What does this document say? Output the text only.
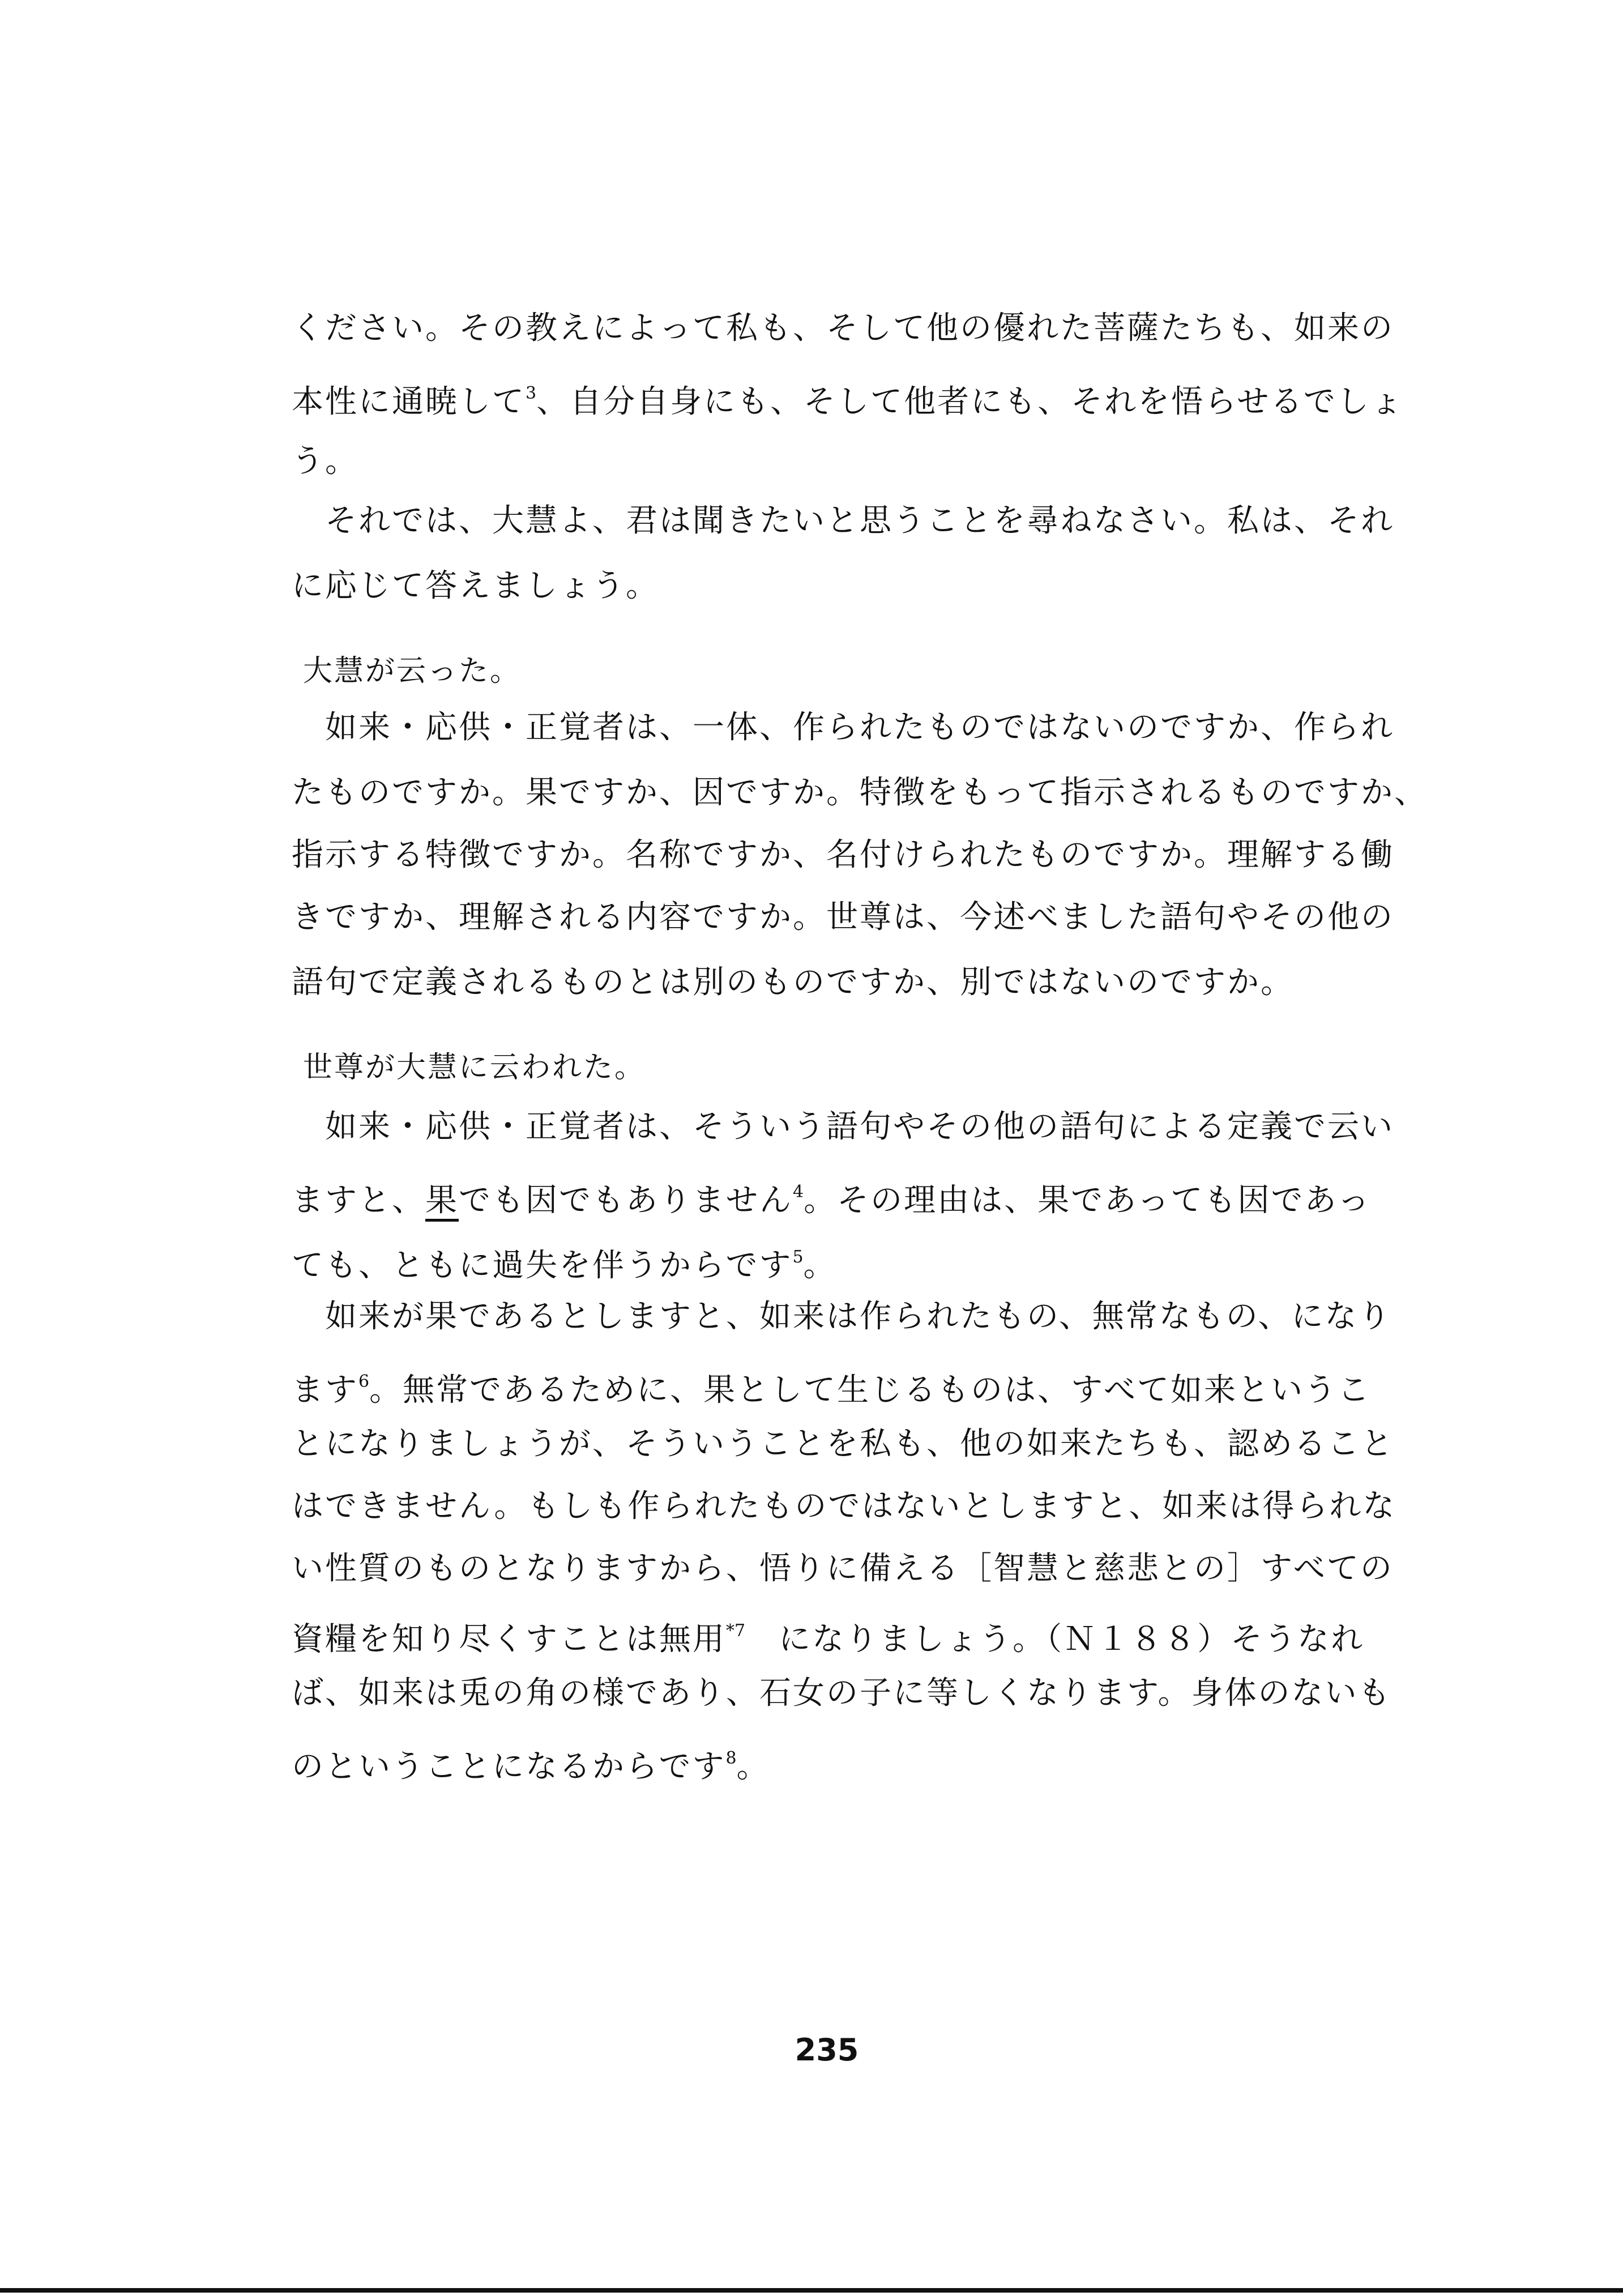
ください。その教えによって私も、そして他の優れた菩薩たちも、如来の
本性に通暁して$^3$、自分自身にも、そして他者にも、それを悟らせるでしょ
う。
　それでは、大慧よ、君は聞きたいと思うことを尋ねなさい。私は、それ
に応じて答えましょう。
大慧が云った。
　如来・応供・正覚者は、一体、作られたものではないのですか、作られ
たものですか。果ですか、因ですか。特徴をもって指示されるものですか、
指示する特徴ですか。名称ですか、名付けられたものですか。理解する働
きですか、理解される内容ですか。世尊は、今述べました語句やその他の
語句で定義されるものとは別のものですか、別ではないのですか。
世尊が大慧に云われた。
　如来・応供・正覚者は、そういう語句やその他の語句による定義で云い
ますと、果でも因でもありません$^4$。その理由は、果であっても因であっ
ても、ともに過失を伴うからです$^5$。
　如来が果であるとしますと、如来は作られたもの、無常なもの、になり
ます$^6$。無常であるために、果として生じるものは、すべて如来というこ
とになりましょうが、そういうことを私も、他の如来たちも、認めること
はできません。もしも作られたものではないとしますと、如来は得られな
い性質のものとなりますから、悟りに備える［智慧と慈悲との］すべての
資糧を知り尽くすことは無用$^{*7}$　になりましょう。（Ｎ１８８）そうなれ
ば、如来は兎の角の様であり、石女の子に等しくなります。身体のないも
のということになるからです$^8$。
235
